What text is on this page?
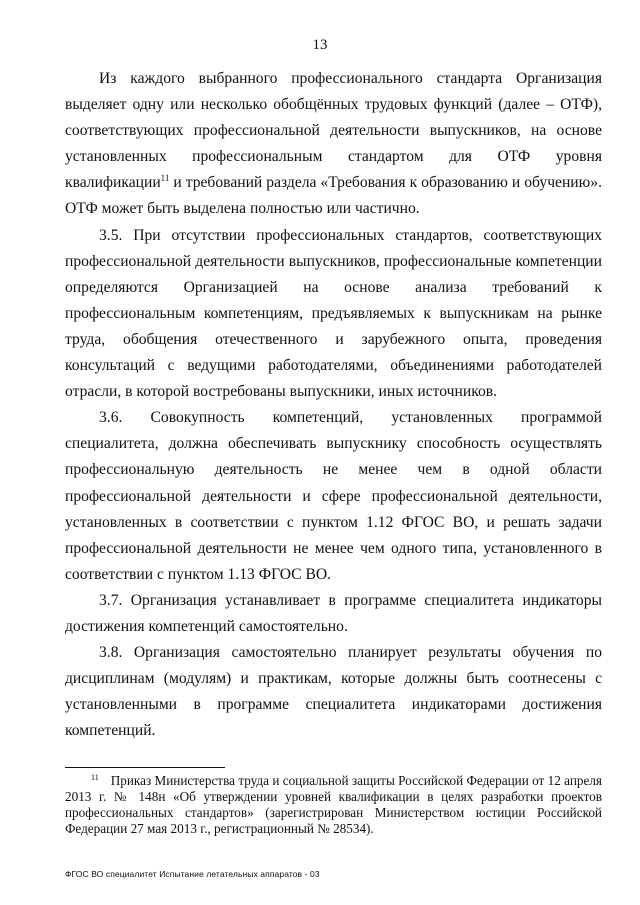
13

Из каждого выбранного профессионального стандарта Организация выделяет одну или несколько обобщённых трудовых функций (далее – ОТФ), соответствующих профессиональной деятельности выпускников, на основе установленных профессиональным стандартом для ОТФ уровня квалификации$^{11}$ и требований раздела «Требования к образованию и обучению». ОТФ может быть выделена полностью или частично.

3.5. При отсутствии профессиональных стандартов, соответствующих профессиональной деятельности выпускников, профессиональные компетенции определяются Организацией на основе анализа требований к профессиональным компетенциям, предъявляемых к выпускникам на рынке труда, обобщения отечественного и зарубежного опыта, проведения консультаций с ведущими работодателями, объединениями работодателей отрасли, в которой востребованы выпускники, иных источников.

3.6. Совокупность компетенций, установленных программой специалитета, должна обеспечивать выпускнику способность осуществлять профессиональную деятельность не менее чем в одной области профессиональной деятельности и сфере профессиональной деятельности, установленных в соответствии с пунктом 1.12 ФГОС ВО, и решать задачи профессиональной деятельности не менее чем одного типа, установленного в соответствии с пунктом 1.13 ФГОС ВО.

3.7. Организация устанавливает в программе специалитета индикаторы достижения компетенций самостоятельно.

3.8. Организация самостоятельно планирует результаты обучения по дисциплинам (модулям) и практикам, которые должны быть соотнесены с установленными в программе специалитета индикаторами достижения компетенций.

$^{11}$ Приказ Министерства труда и социальной защиты Российской Федерации от 12 апреля 2013 г. № 148н «Об утверждении уровней квалификации в целях разработки проектов профессиональных стандартов» (зарегистрирован Министерством юстиции Российской Федерации 27 мая 2013 г., регистрационный № 28534).

ФГОС ВО специалитет Испытание летательных аппаратов - 03
